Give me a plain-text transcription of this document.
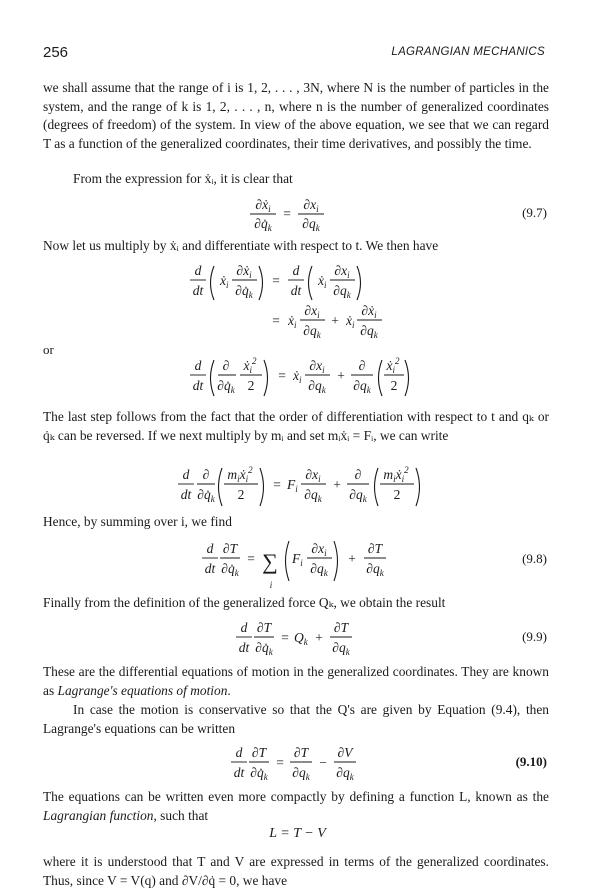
256	LAGRANGIAN MECHANICS

we shall assume that the range of i is 1, 2, . . . , 3N, where N is the number of particles in the system, and the range of k is 1, 2, . . . , n, where n is the number of generalized coordinates (degrees of freedom) of the system. In view of the above equation, we see that we can regard T as a function of the generalized coordinates, their time derivatives, and possibly the time.

From the expression for ẋᵢ, it is clear that

∂ẋ$_i$
$\partial q̇_k$
=
$\partial x_i$
$\partial q_k$
(9.7)

Now let us multiply by ẋᵢ and differentiate with respect to t. We then have

d
dt
ẋ$_i$
∂ẋ$_i$
$\partial q̇_k$
=
d
dt
ẋ$_i$
$\partial x_i$
$\partial q_k$
= ẋ$_i$
$\partial x_i$
$\partial q_k$
+ ẋ$_i$
∂ẋ$_i$
$\partial q_k$
or
d
dt
∂
$\partial q̇_k$
ẋ$_i^2$
2
= ẋ$_i$
$\partial x_i$
$\partial q_k$
+
∂
$\partial q_k$
ẋ$_i^2$
2

The last step follows from the fact that the order of differentiation with respect to t and qₖ or q̇ₖ can be reversed. If we next multiply by mᵢ and set mᵢẋᵢ = Fᵢ, we can write

d
dt
∂
$\partial q̇_k$
$m_iẋ_i^2$
2
= $F_i$
$\partial x_i$
$\partial q_k$
+
∂
$\partial q_k$
$m_iẋ_i^2$
2

Hence, by summing over i, we find

d
dt
∂T
$\partial q̇_k$
= ∑
i
$F_i$
$\partial x_i$
$\partial q_k$
+
∂T
$\partial q_k$
(9.8)

Finally from the definition of the generalized force Qₖ, we obtain the result

d
dt
∂T
$\partial q̇_k$
= $Q_k$ +
∂T
$\partial q_k$
(9.9)

These are the differential equations of motion in the generalized coordinates. They are known as Lagrange's equations of motion.

In case the motion is conservative so that the Q's are given by Equation (9.4), then Lagrange's equations can be written

d
dt
∂T
$\partial q̇_k$
=
∂T
$\partial q_k$
−
∂V
$\partial q_k$
(9.10)

The equations can be written even more compactly by defining a function L, known as the Lagrangian function, such that

L = T − V

where it is understood that T and V are expressed in terms of the generalized coordinates. Thus, since V = V(q) and ∂V/∂q̇ = 0, we have
